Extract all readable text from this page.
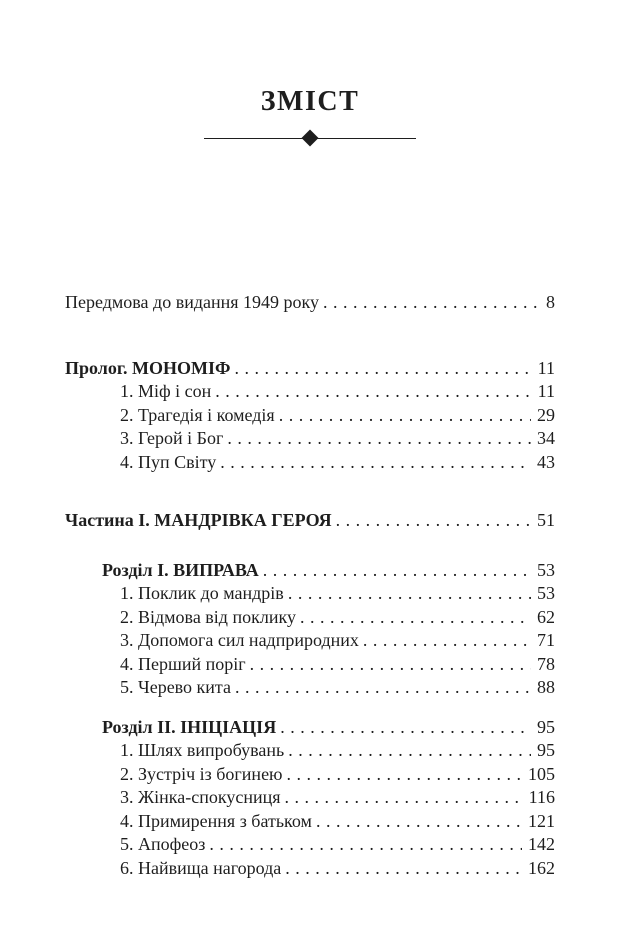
ЗМІСТ
Передмова до видання 1949 року . . .	8
Пролог. МОНОМІФ . . .	11
1. Міф і сон . . .	11
2. Трагедія і комедія . . .	29
3. Герой і Бог . . .	34
4. Пуп Світу . . .	43
Частина I. МАНДРІВКА ГЕРОЯ . . .	51
Розділ I. ВИПРАВА . . .	53
1. Поклик до мандрів . . .	53
2. Відмова від поклику . . .	62
3. Допомога сил надприродних . . .	71
4. Перший поріг . . .	78
5. Черево кита . . .	88
Розділ II. ІНІЦІАЦІЯ . . .	95
1. Шлях випробувань . . .	95
2. Зустріч із богинею . . .	105
3. Жінка-спокусниця . . .	116
4. Примирення з батьком . . .	121
5. Апофеоз . . .	142
6. Найвища нагорода . . .	162
